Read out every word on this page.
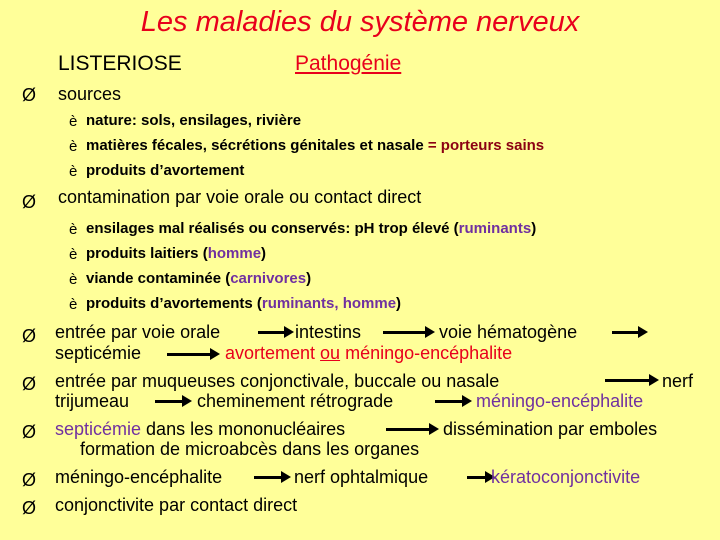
Les maladies du système nerveux
LISTERIOSE	Pathogénie
Ø sources
è nature: sols, ensilages, rivière
è matières fécales, sécrétions génitales et nasale = porteurs sains
è produits d’avortement
Ø contamination par voie orale ou contact direct
è ensilages mal réalisés ou conservés: pH trop élevé (ruminants)
è produits laitiers (homme)
è viande contaminée (carnivores)
è produits d’avortements (ruminants, homme)
Ø entrée par voie orale	intestins	voie hématogène
septicémie	avortement ou méningo-encéphalite
Ø entrée par muqueuses conjonctivale, buccale ou nasale	nerf
trijumeau	cheminement rétrograde	méningo-encéphalite
Ø septicémie dans les mononucléaires	dissémination par emboles
formation de microabcès dans les organes
Ø méningo-encéphalite	nerf ophtalmique	kératoconjonctivite
Ø conjonctivite par contact direct
